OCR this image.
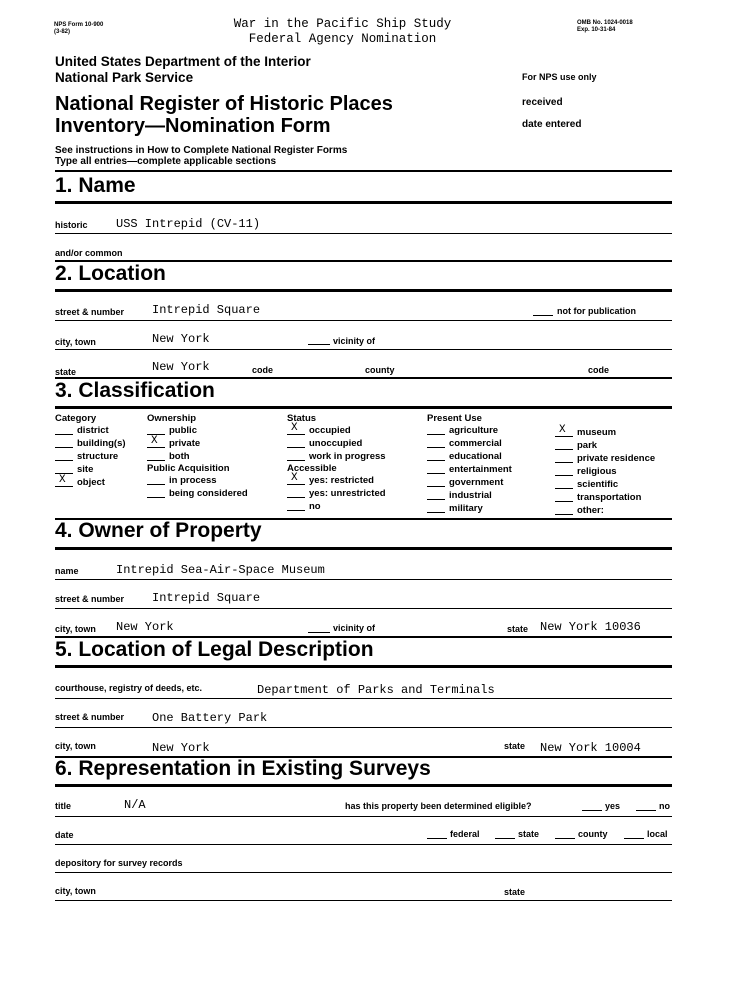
NPS Form 10-900
(3-82)
War in the Pacific Ship Study
Federal Agency Nomination
OMB No. 1024-0018
Exp. 10-31-84
United States Department of the Interior
National Park Service
National Register of Historic Places
Inventory—Nomination Form
For NPS use only
received
date entered
See instructions in How to Complete National Register Forms
Type all entries—complete applicable sections
1. Name
historic USS Intrepid (CV-11)
and/or common
2. Location
street & number Intrepid Square	not for publication
city, town	New York	vicinity of
state	New York	code	county	code
3. Classification
Category
district
building(s)
structure
site
X object
Ownership
public
X private
both
Public Acquisition
in process
being considered
Status
X occupied
unoccupied
work in progress
Accessible
X yes: restricted
yes: unrestricted
no
Present Use
agriculture
commercial
educational
entertainment
government
industrial
military
X museum
park
private residence
religious
scientific
transportation
other:
4. Owner of Property
name	Intrepid Sea-Air-Space Museum
street & number Intrepid Square
city, town New York	vicinity of	state New York 10036
5. Location of Legal Description
courthouse, registry of deeds, etc.	Department of Parks and Terminals
street & number One Battery Park
city, town	New York	state New York 10004
6. Representation in Existing Surveys
title	N/A	has this property been determined eligible?	yes	no
date	federal	state	county	local
depository for survey records
city, town	state
